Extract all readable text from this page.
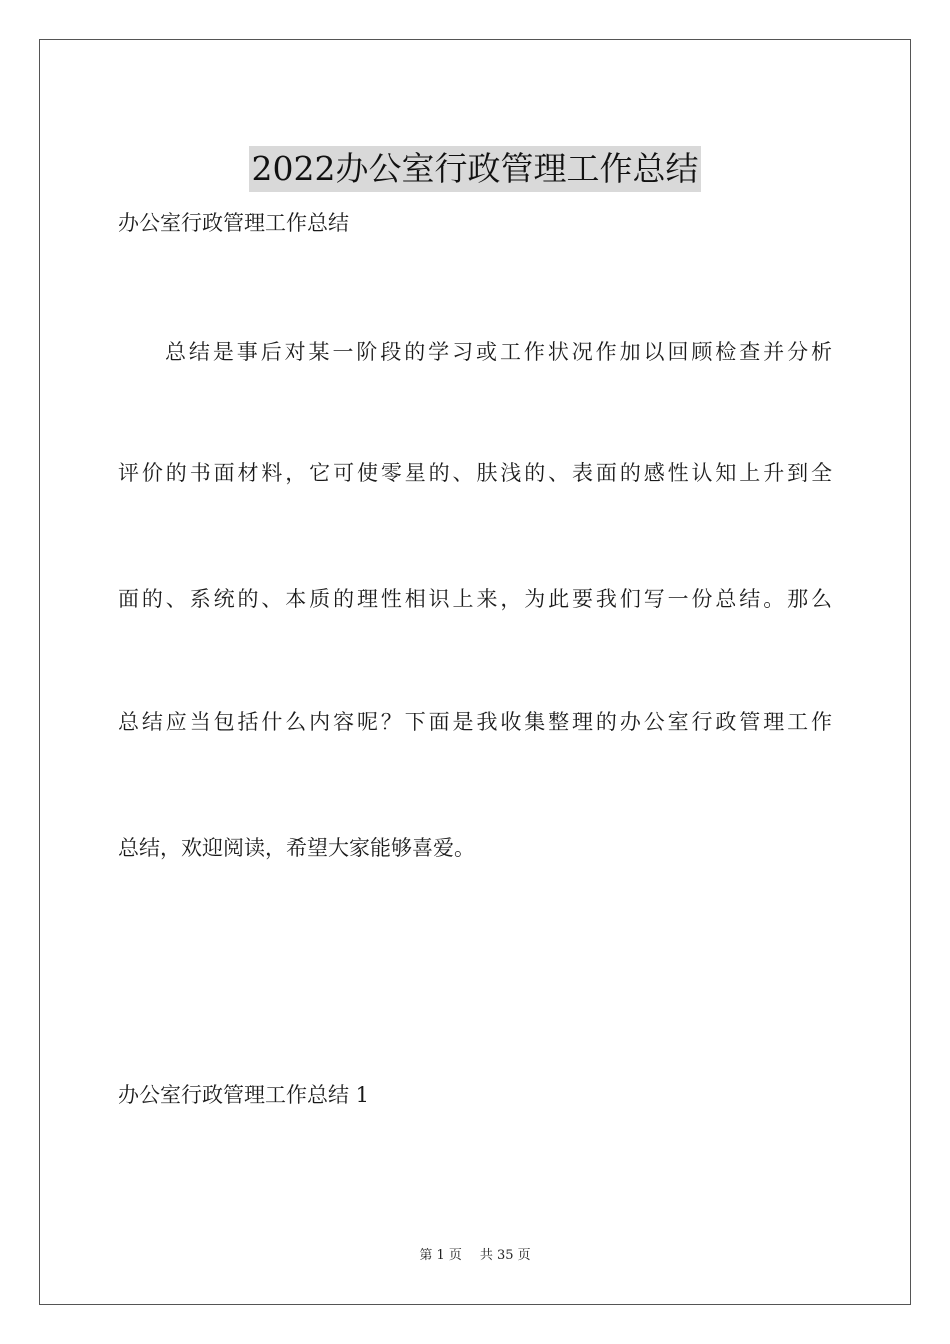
2022办公室行政管理工作总结
办公室行政管理工作总结
总结是事后对某一阶段的学习或工作状况作加以回顾检查并分析
评价的书面材料，它可使零星的、肤浅的、表面的感性认知上升到全
面的、系统的、本质的理性相识上来，为此要我们写一份总结。那么
总结应当包括什么内容呢？下面是我收集整理的办公室行政管理工作
总结，欢迎阅读，希望大家能够喜爱。
办公室行政管理工作总结 1
第 1 页 共 35 页
